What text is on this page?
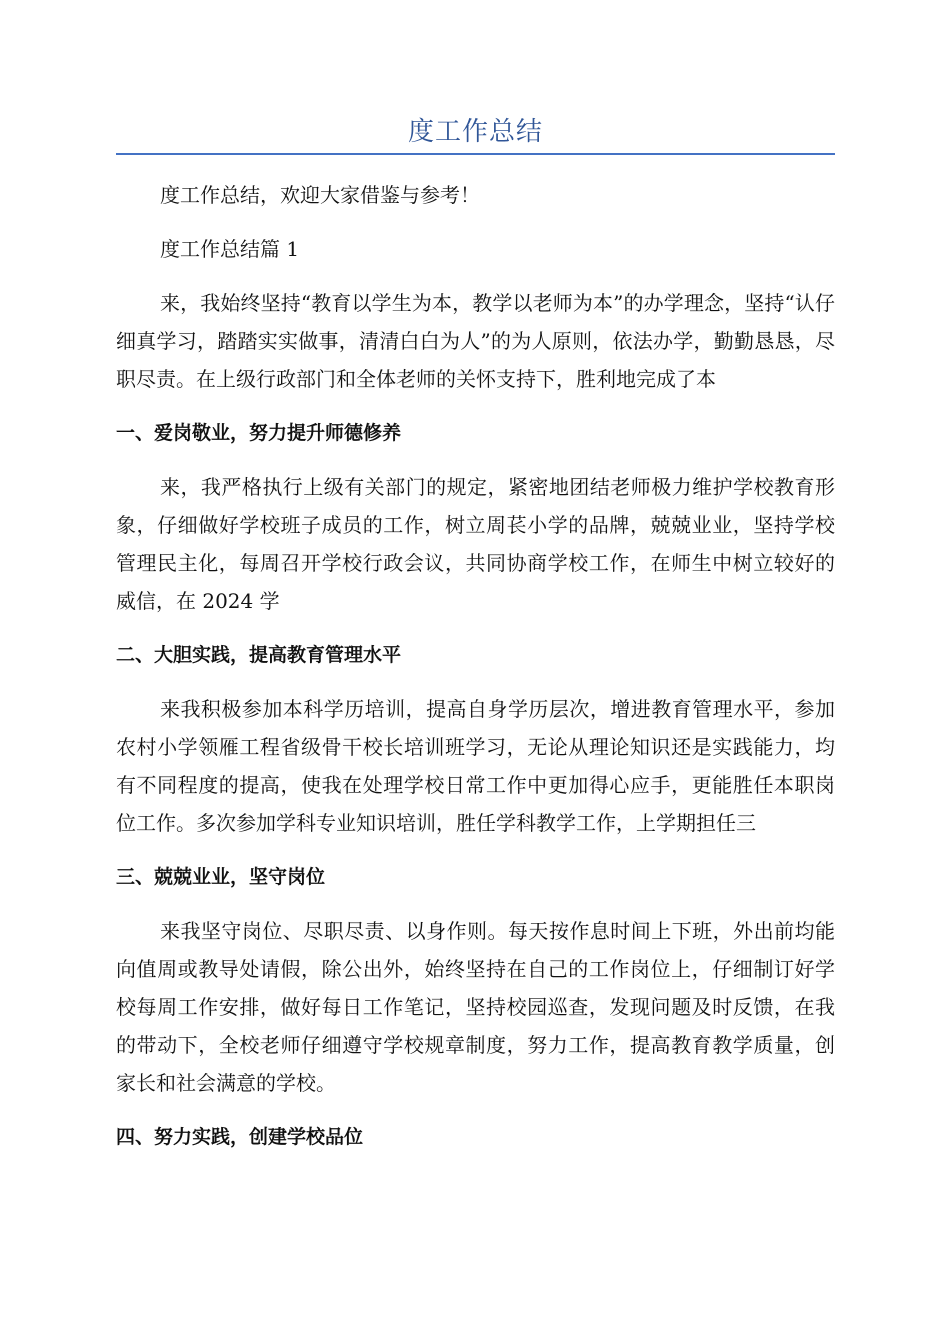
度工作总结

度工作总结，欢迎大家借鉴与参考！

度工作总结篇 1

来，我始终坚持“教育以学生为本，教学以老师为本”的办学理念，坚持“认仔细真学习，踏踏实实做事，清清白白为人”的为人原则，依法办学，勤勤恳恳，尽职尽责。在上级行政部门和全体老师的关怀支持下，胜利地完成了本

一、爱岗敬业，努力提升师德修养

来，我严格执行上级有关部门的规定，紧密地团结老师极力维护学校教育形象，仔细做好学校班子成员的工作，树立周苌小学的品牌，兢兢业业，坚持学校管理民主化，每周召开学校行政会议，共同协商学校工作，在师生中树立较好的威信，在 2024 学

二、大胆实践，提高教育管理水平

来我积极参加本科学历培训，提高自身学历层次，增进教育管理水平，参加农村小学领雁工程省级骨干校长培训班学习，无论从理论知识还是实践能力，均有不同程度的提高，使我在处理学校日常工作中更加得心应手，更能胜任本职岗位工作。多次参加学科专业知识培训，胜任学科教学工作，上学期担任三

三、兢兢业业，坚守岗位

来我坚守岗位、尽职尽责、以身作则。每天按作息时间上下班，外出前均能向值周或教导处请假，除公出外，始终坚持在自己的工作岗位上，仔细制订好学校每周工作安排，做好每日工作笔记，坚持校园巡查，发现问题及时反馈，在我的带动下，全校老师仔细遵守学校规章制度，努力工作，提高教育教学质量，创家长和社会满意的学校。

四、努力实践，创建学校品位
